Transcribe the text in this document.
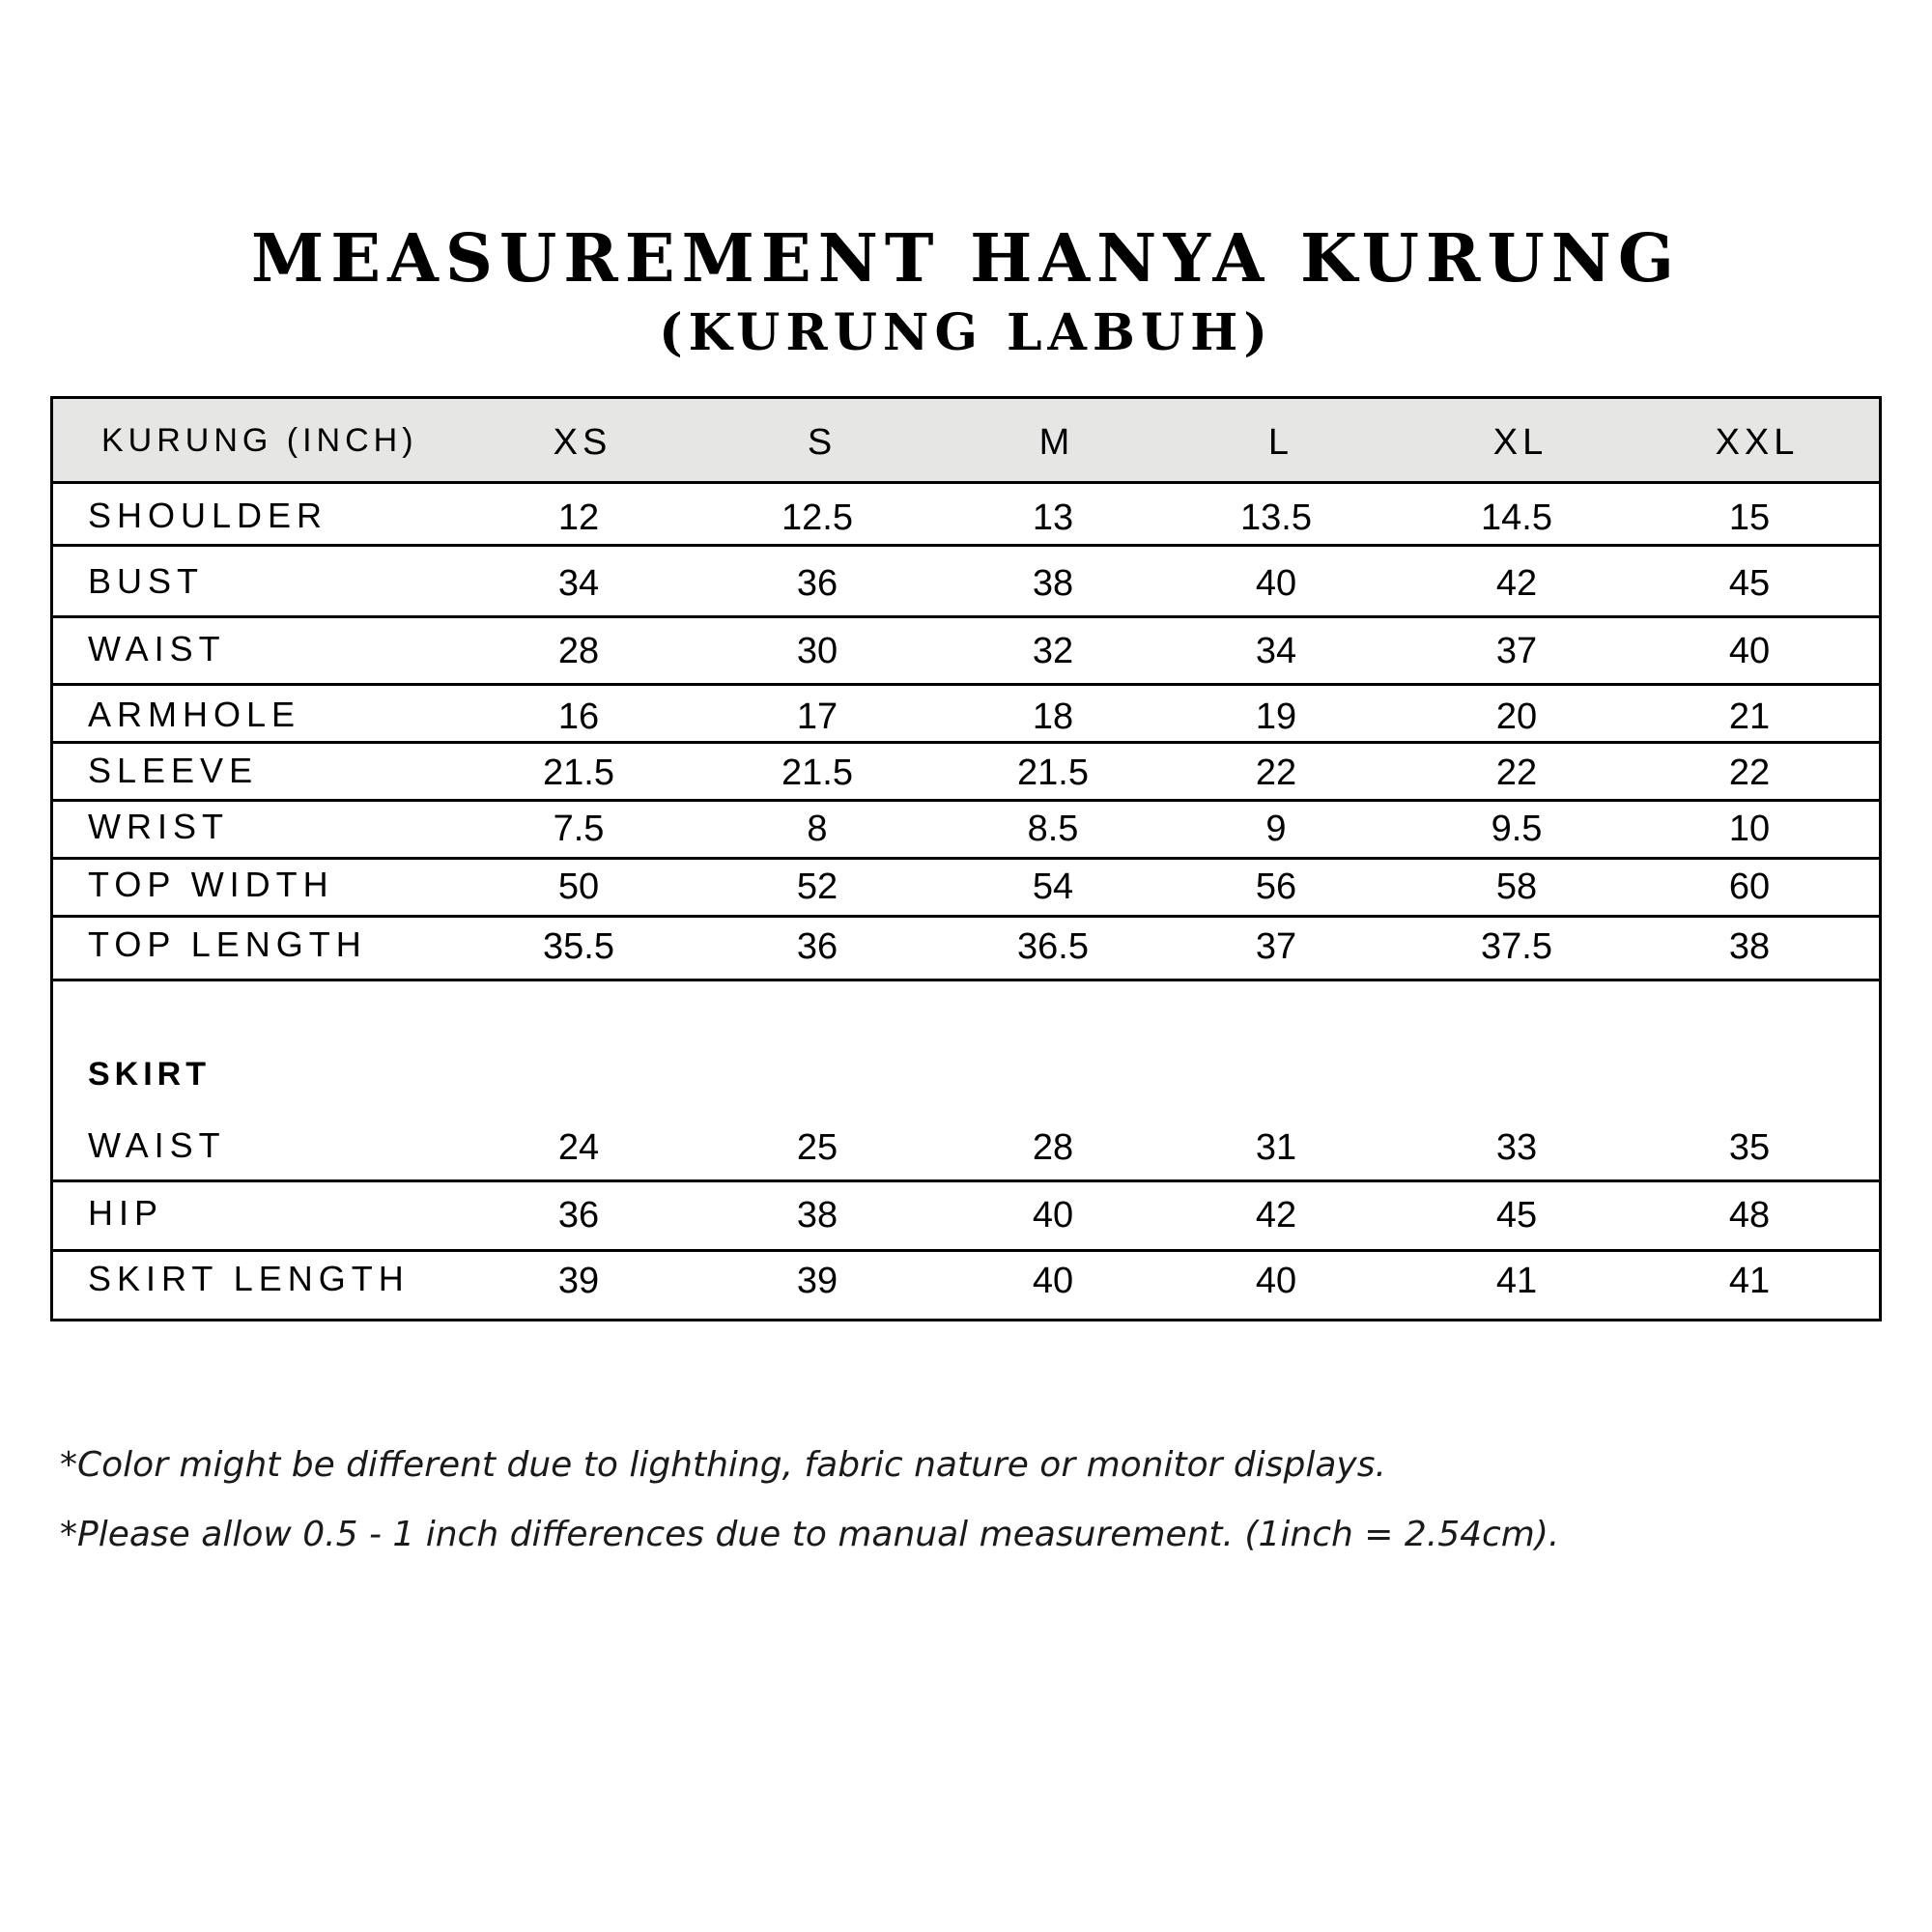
MEASUREMENT HANYA KURUNG
(KURUNG LABUH)
KURUNG (INCH)	XS	S	M	L	XL	XXL
SHOULDER	12	12.5	13	13.5	14.5	15
BUST	34	36	38	40	42	45
WAIST	28	30	32	34	37	40
ARMHOLE	16	17	18	19	20	21
SLEEVE	21.5	21.5	21.5	22	22	22
WRIST	7.5	8	8.5	9	9.5	10
TOP WIDTH	50	52	54	56	58	60
TOP LENGTH	35.5	36	36.5	37	37.5	38
SKIRT
WAIST	24	25	28	31	33	35
HIP	36	38	40	42	45	48
SKIRT LENGTH	39	39	40	40	41	41
*Color might be different due to lighthing, fabric nature or monitor displays.
*Please allow 0.5 - 1 inch differences due to manual measurement. (1inch = 2.54cm).
